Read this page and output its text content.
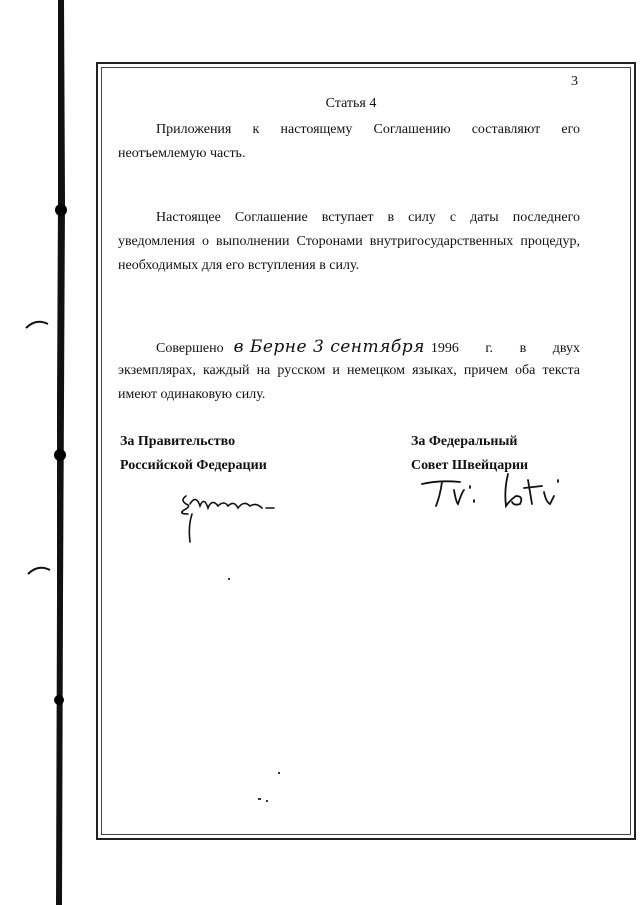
3
Статья 4
Приложения к настоящему Соглашению составляют его неотъемлемую часть.
Настоящее Соглашение вступает в силу с даты последнего уведомления о выполнении Сторонами внутригосударственных процедур, необходимых для его вступления в силу.
Совершено в Берне 3 сентября 1996 г. в двух
экземплярах, каждый на русском и немецком языках, причем оба текста имеют одинаковую силу.
За Правительство
Российской Федерации
За Федеральный
Совет Швейцарии
